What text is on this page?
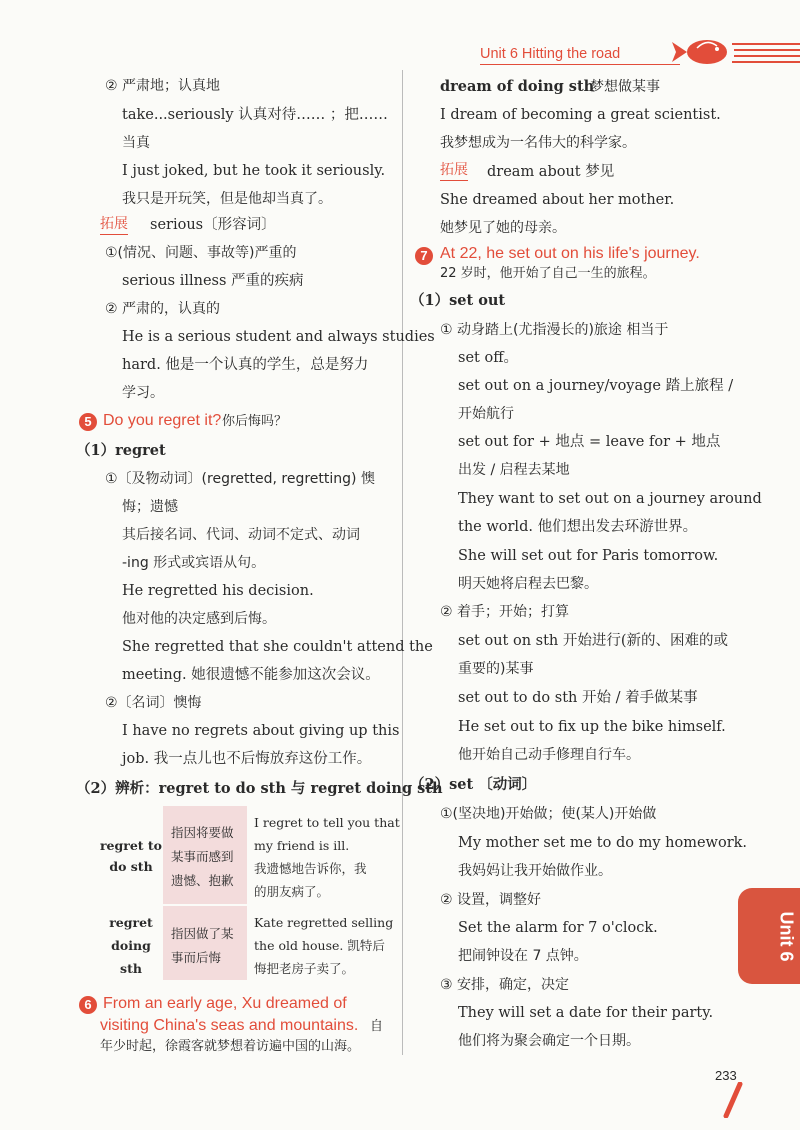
Unit 6 Hitting the road
② 严肃地；认真地
take...seriously 认真对待…… ；把……
当真
I just joked, but he took it seriously.
我只是开玩笑，但是他却当真了。
拓展 serious〔形容词〕
①(情况、问题、事故等)严重的
serious illness 严重的疾病
② 严肃的，认真的
He is a serious student and always studies
hard. 他是一个认真的学生，总是努力
学习。
5 Do you regret it? 你后悔吗？
（1）regret
①〔及物动词〕(regretted, regretting) 懊
悔；遗憾
其后接名词、代词、动词不定式、动词
-ing 形式或宾语从句。
He regretted his decision.
他对他的决定感到后悔。
She regretted that she couldn't attend the
meeting. 她很遗憾不能参加这次会议。
②〔名词〕懊悔
I have no regrets about giving up this
job. 我一点儿也不后悔放弃这份工作。
（2）辨析：regret to do sth 与 regret doing sth
regret to
do sth
指因将要做
某事而感到
遗憾、抱歉
I regret to tell you that
my friend is ill.
我遗憾地告诉你，我
的朋友病了。
regret
doing
sth
指因做了某
事而后悔
Kate regretted selling
the old house. 凯特后
悔把老房子卖了。
6 From an early age, Xu dreamed of
visiting China's seas and mountains. 自
年少时起，徐霞客就梦想着访遍中国的山海。
dream of doing sth
梦想做某事
I dream of becoming a great scientist.
我梦想成为一名伟大的科学家。
拓展 dream about 梦见
She dreamed about her mother.
她梦见了她的母亲。
7 At 22, he set out on his life's journey.
22 岁时，他开始了自己一生的旅程。
（1）set out
① 动身踏上(尤指漫长的)旅途 相当于
set off。
set out on a journey/voyage 踏上旅程 /
开始航行
set out for + 地点 = leave for + 地点
出发 / 启程去某地
They want to set out on a journey around
the world. 他们想出发去环游世界。
She will set out for Paris tomorrow.
明天她将启程去巴黎。
② 着手；开始；打算
set out on sth 开始进行(新的、困难的或
重要的)某事
set out to do sth 开始 / 着手做某事
He set out to fix up the bike himself.
他开始自己动手修理自行车。
（2）set 〔动词〕
①(坚决地)开始做；使(某人)开始做
My mother set me to do my homework.
我妈妈让我开始做作业。
② 设置，调整好
Set the alarm for 7 o'clock.
把闹钟设在 7 点钟。
③ 安排，确定，决定
They will set a date for their party.
他们将为聚会确定一个日期。
Unit 6
233
